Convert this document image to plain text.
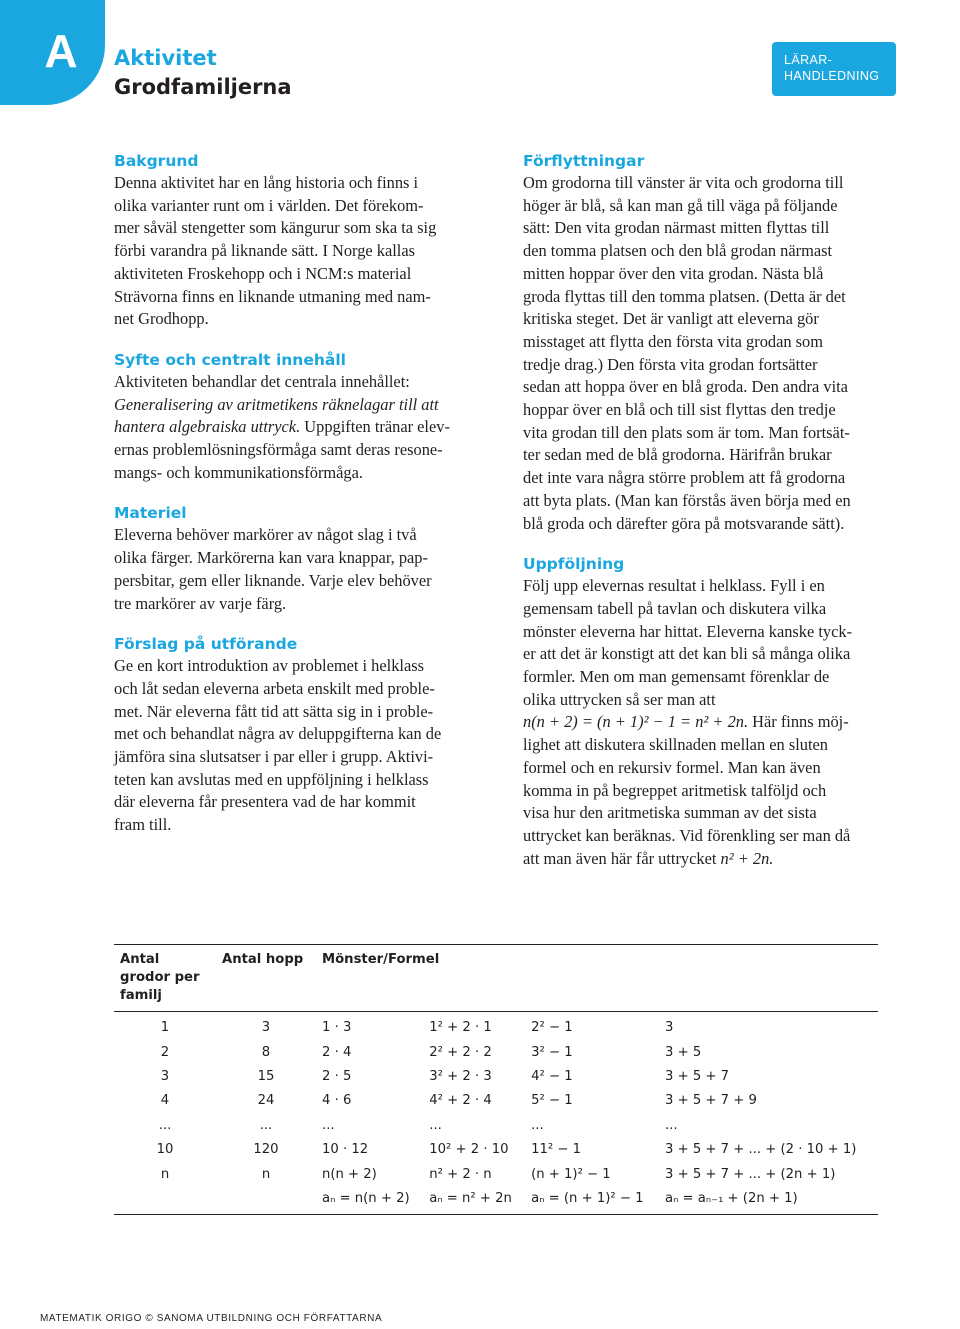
A	Aktivitet
Grodfamiljerna
LÄRAR-
HANDLEDNING
Bakgrund

Denna aktivitet har en lång historia och finns i
olika varianter runt om i världen. Det förekom-
mer såväl stengetter som kängurur som ska ta sig
förbi varandra på liknande sätt. I Norge kallas
aktiviteten Froskehopp och i NCM:s material
Strävorna finns en liknande utmaning med nam-
net Grodhopp.

Syfte och centralt innehåll

Aktiviteten behandlar det centrala innehållet:
Generalisering av aritmetikens räknelagar till att
hantera algebraiska uttryck. Uppgiften tränar elev-
ernas problemlösningsförmåga samt deras resone-
mangs- och kommunikationsförmåga.

Materiel

Eleverna behöver markörer av något slag i två
olika färger. Markörerna kan vara knappar, pap-
persbitar, gem eller liknande. Varje elev behöver
tre markörer av varje färg.

Förslag på utförande

Ge en kort introduktion av problemet i helklass
och låt sedan eleverna arbeta enskilt med proble-
met. När eleverna fått tid att sätta sig in i proble-
met och behandlat några av deluppgifterna kan de
jämföra sina slutsatser i par eller i grupp. Aktivi-
teten kan avslutas med en uppföljning i helklass
där eleverna får presentera vad de har kommit
fram till.

Förflyttningar

Om grodorna till vänster är vita och grodorna till
höger är blå, så kan man gå till väga på följande
sätt: Den vita grodan närmast mitten flyttas till
den tomma platsen och den blå grodan närmast
mitten hoppar över den vita grodan. Nästa blå
groda flyttas till den tomma platsen. (Detta är det
kritiska steget. Det är vanligt att eleverna gör
misstaget att flytta den första vita grodan som
tredje drag.) Den första vita grodan fortsätter
sedan att hoppa över en blå groda. Den andra vita
hoppar över en blå och till sist flyttas den tredje
vita grodan till den plats som är tom. Man fortsät-
ter sedan med de blå grodorna. Härifrån brukar
det inte vara några större problem att få grodorna
att byta plats. (Man kan förstås även börja med en
blå groda och därefter göra på motsvarande sätt).

Uppföljning

Följ upp elevernas resultat i helklass. Fyll i en
gemensam tabell på tavlan och diskutera vilka
mönster eleverna har hittat. Eleverna kanske tyck-
er att det är konstigt att det kan bli så många olika
formler. Men om man gemensamt förenklar de
olika uttrycken så ser man att
n(n + 2) = (n + 1)² − 1 = n² + 2n. Här finns möj-
lighet att diskutera skillnaden mellan en sluten
formel och en rekursiv formel. Man kan även
komma in på begreppet aritmetisk talföljd och
visa hur den aritmetiska summan av det sista
uttrycket kan beräknas. Vid förenkling ser man då
att man även här får uttrycket n² + 2n.

Antal grodor per familj	Antal hopp	Mönster/Formel			
1	3	1 · 3	1² + 2 · 1	2² − 1	3
2	8	2 · 4	2² + 2 · 2	3² − 1	3 + 5
3	15	2 · 5	3² + 2 · 3	4² − 1	3 + 5 + 7
4	24	4 · 6	4² + 2 · 4	5² − 1	3 + 5 + 7 + 9
...	...	...	...	...	...
10	120	10 · 12	10² + 2 · 10	11² − 1	3 + 5 + 7 + ... + (2 · 10 + 1)
n	n	n(n + 2)	n² + 2 · n	(n + 1)² − 1	3 + 5 + 7 + ... + (2n + 1)
		aₙ = n(n + 2)	aₙ = n² + 2n	aₙ = (n + 1)² − 1	aₙ = aₙ₋₁ + (2n + 1)
MATEMATIK ORIGO © SANOMA UTBILDNING OCH FÖRFATTARNA
